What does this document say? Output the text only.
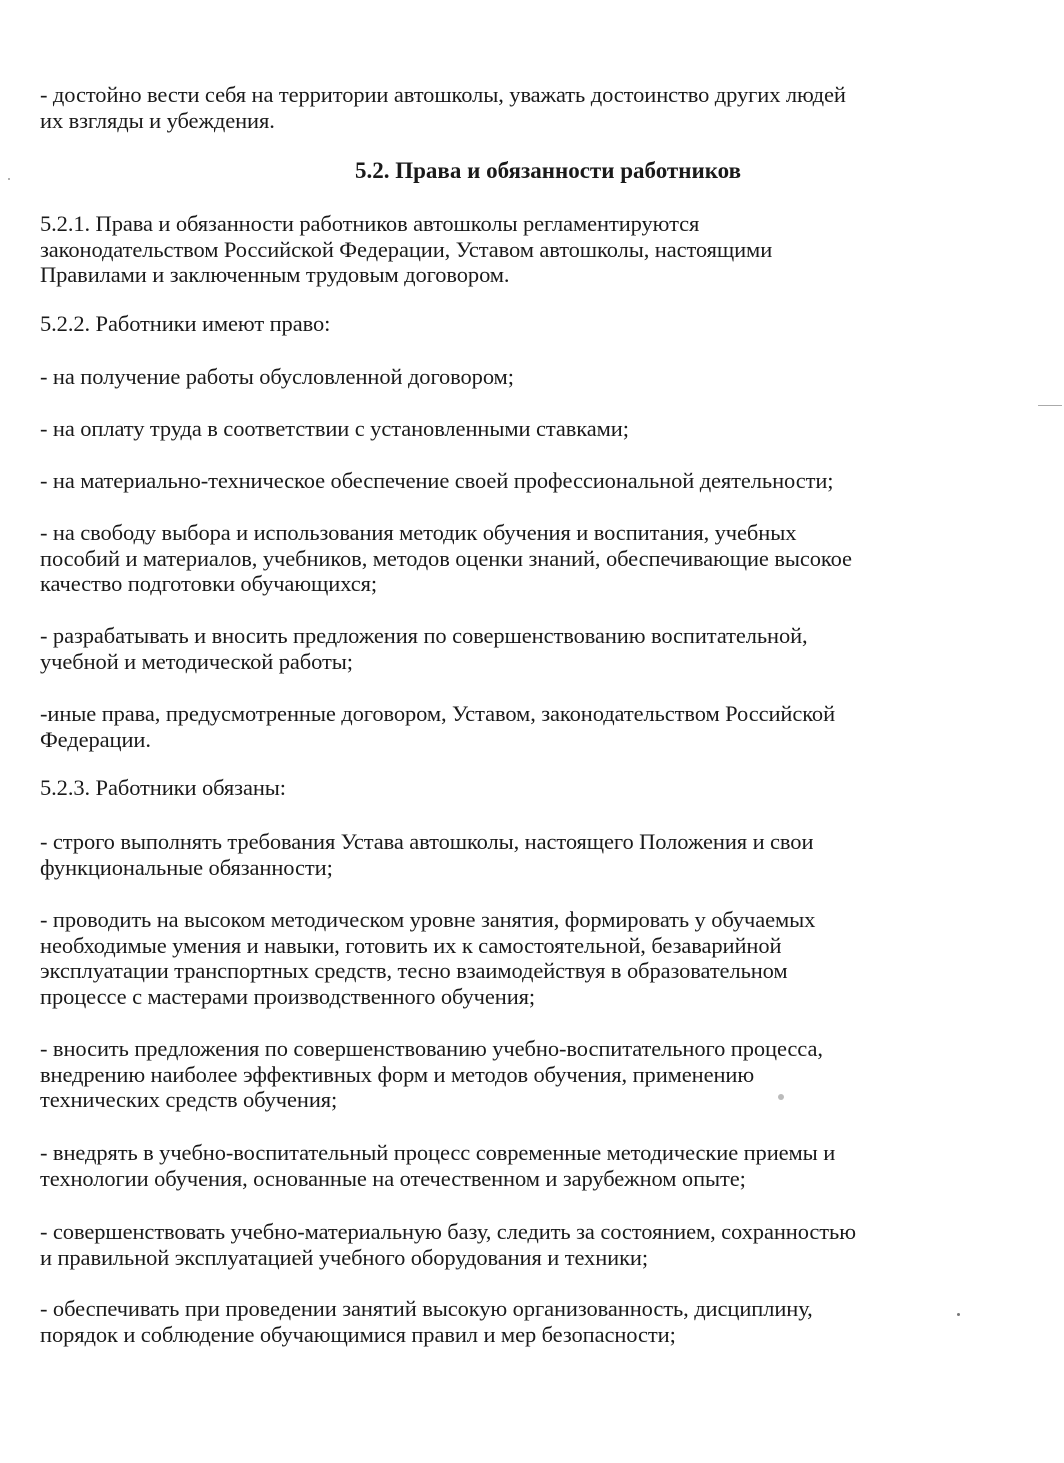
- достойно вести себя на территории автошколы, уважать достоинство других людей
их взгляды и убеждения.
5.2. Права и обязанности работников
5.2.1. Права и обязанности работников автошколы регламентируются
законодательством Российской Федерации, Уставом автошколы, настоящими
Правилами и заключенным трудовым договором.
5.2.2. Работники имеют право:
- на получение работы обусловленной договором;
- на оплату труда в соответствии с установленными ставками;
- на материально-техническое обеспечение своей профессиональной деятельности;
- на свободу выбора и использования методик обучения и воспитания, учебных
пособий и материалов, учебников, методов оценки знаний, обеспечивающие высокое
качество подготовки обучающихся;
- разрабатывать и вносить предложения по совершенствованию воспитательной,
учебной и методической работы;
-иные права, предусмотренные договором, Уставом, законодательством Российской
Федерации.
5.2.3. Работники обязаны:
- строго выполнять требования Устава автошколы, настоящего Положения и свои
функциональные обязанности;
- проводить на высоком методическом уровне занятия, формировать у обучаемых
необходимые умения и навыки, готовить их к самостоятельной, безаварийной
эксплуатации транспортных средств, тесно взаимодействуя в образовательном
процессе с мастерами производственного обучения;
- вносить предложения по совершенствованию учебно-воспитательного процесса,
внедрению наиболее эффективных форм и методов обучения, применению
технических средств обучения;
- внедрять в учебно-воспитательный процесс современные методические приемы и
технологии обучения, основанные на отечественном и зарубежном опыте;
- совершенствовать учебно-материальную базу, следить за состоянием, сохранностью
и правильной эксплуатацией учебного оборудования и техники;
- обеспечивать при проведении занятий высокую организованность, дисциплину,
порядок и соблюдение обучающимися правил и мер безопасности;
